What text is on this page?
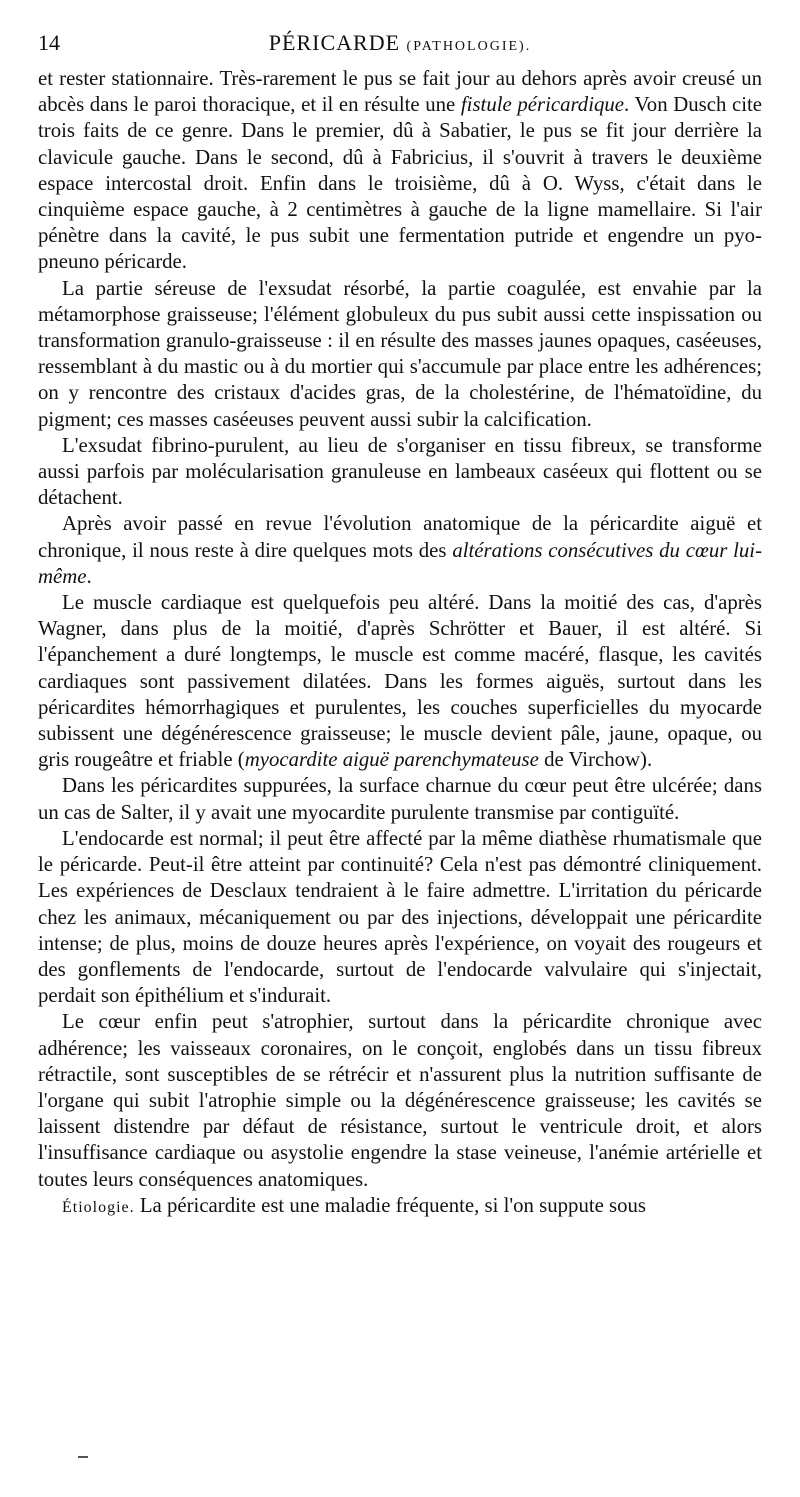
14	PÉRICARDE (PATHOLOGIE).

et rester stationnaire. Très-rarement le pus se fait jour au dehors après avoir creusé un abcès dans le paroi thoracique, et il en résulte une fistule péricardique. Von Dusch cite trois faits de ce genre. Dans le premier, dû à Sabatier, le pus se fit jour derrière la clavicule gauche. Dans le second, dû à Fabricius, il s'ouvrit à travers le deuxième espace intercostal droit. Enfin dans le troisième, dû à O. Wyss, c'était dans le cinquième espace gauche, à 2 centimètres à gauche de la ligne mamellaire. Si l'air pénètre dans la cavité, le pus subit une fermentation putride et engendre un pyo-pneuno péricarde.

La partie séreuse de l'exsudat résorbé, la partie coagulée, est envahie par la métamorphose graisseuse; l'élément globuleux du pus subit aussi cette inspissation ou transformation granulo-graisseuse : il en résulte des masses jaunes opaques, caséeuses, ressemblant à du mastic ou à du mortier qui s'accumule par place entre les adhérences; on y rencontre des cristaux d'acides gras, de la cholestérine, de l'hématoïdine, du pigment; ces masses caséeuses peuvent aussi subir la calcification.

L'exsudat fibrino-purulent, au lieu de s'organiser en tissu fibreux, se transforme aussi parfois par molécularisation granuleuse en lambeaux caséeux qui flottent ou se détachent.

Après avoir passé en revue l'évolution anatomique de la péricardite aiguë et chronique, il nous reste à dire quelques mots des altérations consécutives du cœur lui-même.

Le muscle cardiaque est quelquefois peu altéré. Dans la moitié des cas, d'après Wagner, dans plus de la moitié, d'après Schrötter et Bauer, il est altéré. Si l'épanchement a duré longtemps, le muscle est comme macéré, flasque, les cavités cardiaques sont passivement dilatées. Dans les formes aiguës, surtout dans les péricardites hémorrhagiques et purulentes, les couches superficielles du myocarde subissent une dégénérescence graisseuse; le muscle devient pâle, jaune, opaque, ou gris rougeâtre et friable (myocardite aiguë parenchymateuse de Virchow).

Dans les péricardites suppurées, la surface charnue du cœur peut être ulcérée; dans un cas de Salter, il y avait une myocardite purulente transmise par contiguïté.

L'endocarde est normal; il peut être affecté par la même diathèse rhumatismale que le péricarde. Peut-il être atteint par continuité? Cela n'est pas démontré cliniquement. Les expériences de Desclaux tendraient à le faire admettre. L'irritation du péricarde chez les animaux, mécaniquement ou par des injections, développait une péricardite intense; de plus, moins de douze heures après l'expérience, on voyait des rougeurs et des gonflements de l'endocarde, surtout de l'endocarde valvulaire qui s'injectait, perdait son épithélium et s'indurait.

Le cœur enfin peut s'atrophier, surtout dans la péricardite chronique avec adhérence; les vaisseaux coronaires, on le conçoit, englobés dans un tissu fibreux rétractile, sont susceptibles de se rétrécir et n'assurent plus la nutrition suffisante de l'organe qui subit l'atrophie simple ou la dégénérescence graisseuse; les cavités se laissent distendre par défaut de résistance, surtout le ventricule droit, et alors l'insuffisance cardiaque ou asystolie engendre la stase veineuse, l'anémie artérielle et toutes leurs conséquences anatomiques.

Étiologie. La péricardite est une maladie fréquente, si l'on suppute sous
